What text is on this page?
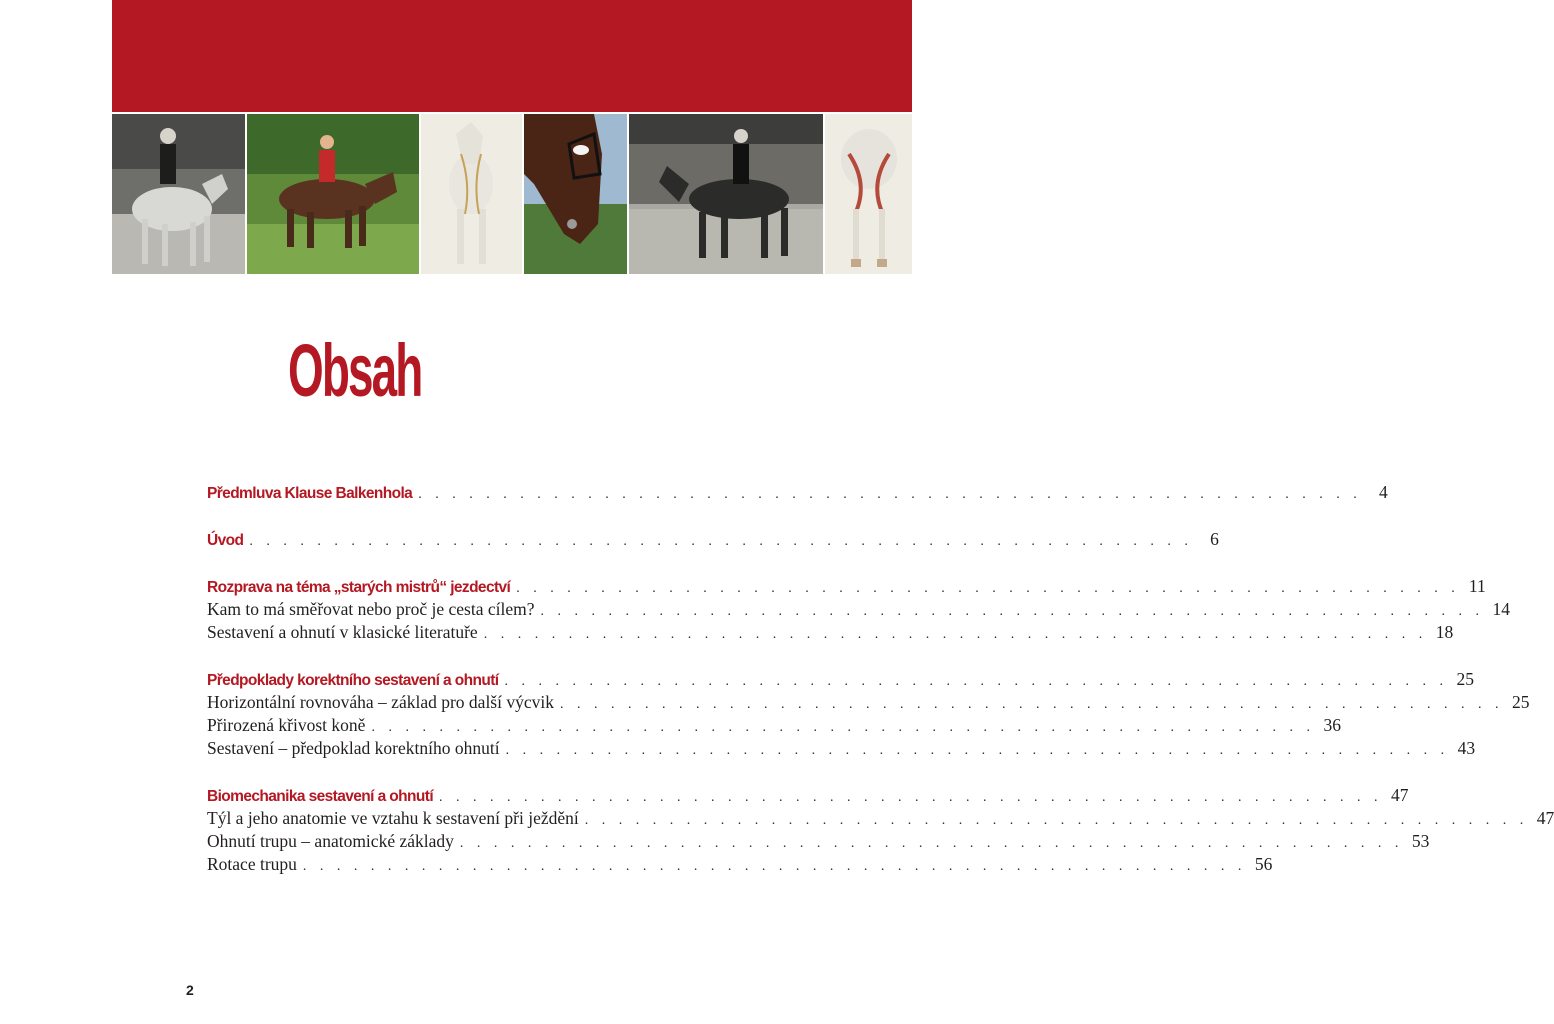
Obsah
Předmluva Klause Balkenhola . . . . . . . . . . . . . . . . . . . . . . . . . . . . . . . . . . . . . . . . . . . . . . . . . . . . . . . . 4
Úvod . . . . . . . . . . . . . . . . . . . . . . . . . . . . . . . . . . . . . . . . . . . . . . . . . . . . . . . . 6
Rozprava na téma „starých mistrů“ jezdectví . . . . . . . . . . . . . . . . . . . . . . . . . . . . . . . . . . . . . . . . . . . . . . . . . . . . . . . . 11
Kam to má směřovat nebo proč je cesta cílem? . . . . . . . . . . . . . . . . . . . . . . . . . . . . . . . . . . . . . . . . . . . . . . . . . . . . . . . . 14
Sestavení a ohnutí v klasické literatuře . . . . . . . . . . . . . . . . . . . . . . . . . . . . . . . . . . . . . . . . . . . . . . . . . . . . . . . . 18
Předpoklady korektního sestavení a ohnutí . . . . . . . . . . . . . . . . . . . . . . . . . . . . . . . . . . . . . . . . . . . . . . . . . . . . . . . . 25
Horizontální rovnováha – základ pro další výcvik . . . . . . . . . . . . . . . . . . . . . . . . . . . . . . . . . . . . . . . . . . . . . . . . . . . . . . . . 25
Přirozená křivost koně . . . . . . . . . . . . . . . . . . . . . . . . . . . . . . . . . . . . . . . . . . . . . . . . . . . . . . . . 36
Sestavení – předpoklad korektního ohnutí . . . . . . . . . . . . . . . . . . . . . . . . . . . . . . . . . . . . . . . . . . . . . . . . . . . . . . . . 43
Biomechanika sestavení a ohnutí . . . . . . . . . . . . . . . . . . . . . . . . . . . . . . . . . . . . . . . . . . . . . . . . . . . . . . . . 47
Týl a jeho anatomie ve vztahu k sestavení při ježdění . . . . . . . . . . . . . . . . . . . . . . . . . . . . . . . . . . . . . . . . . . . . . . . . . . . . . . . . 47
Ohnutí trupu – anatomické základy . . . . . . . . . . . . . . . . . . . . . . . . . . . . . . . . . . . . . . . . . . . . . . . . . . . . . . . . 53
Rotace trupu . . . . . . . . . . . . . . . . . . . . . . . . . . . . . . . . . . . . . . . . . . . . . . . . . . . . . . . . 56
2
